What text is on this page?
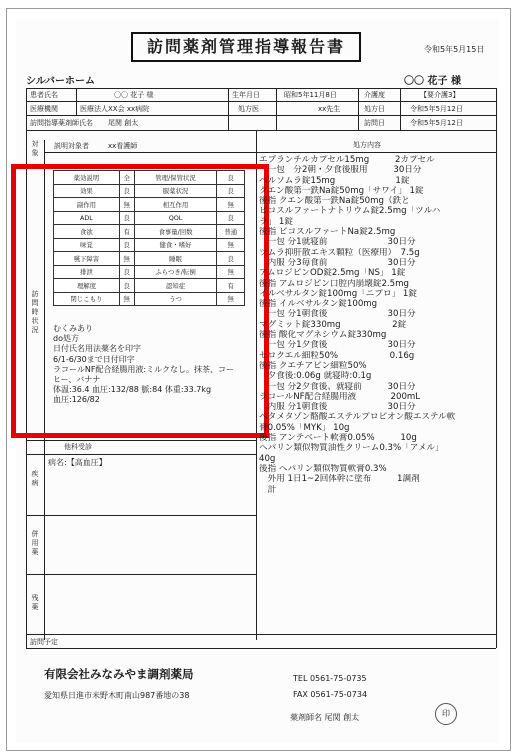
訪問薬剤管理指導報告書	令和5年5月15日
シルバーホーム	〇〇 花子 様
患者氏名	〇〇 花子 様	生年月日	昭和5年11月8日	介護度	【要介護3】
医療機関	医療法人XX会 xx病院	処方医	xx先生	処方日	令和5年5月12日
訪問指導薬剤師氏名 尾関 創太	訪問日	令和5年5月12日
対象
説明対象者	xx看護師	処方内容
訪問時状況
薬効説明	全	管理/保管状況	良
効果	良	服薬状況	良
副作用	無	相互作用	無
ADL	良	QOL	良
食欲	有	食事量/回数	普通
味覚	良	健食・嗜好	無
嚥下障害	無	睡眠	良
排泄	良	ふらつき/転倒	無
理解度	良	認知症	有
閉じこもり	無	うつ	無
むくみあり
do処方
日付氏名用法薬名を印字
6/1-6/30まで日付印字
ラコールNF配合経腸用液:ミルクなし。抹茶、コー
ヒー、バナナ
体温:36.4 血圧:132/88 脈:84 体重:33.7kg
血圧:126/82
他科受診
疾病
病名:【高血圧】
併用薬
残薬
訪問予定
エブランチルカプセル15mg　　　2カプセル
　一包　分2朝・夕食後服用　　　30日分
ベルソムラ錠15mg　　　　　　　1錠
クエン酸第一鉄Na錠50mg「サワイ」 1錠
後指 クエン酸第一鉄Na錠50mg（鉄と
ビコスルファートナトリウム錠2.5mg「ツルハ
ラ」 1錠
後指 ピコスルファートNa錠2.5mg
　一包 分1就寝前　　　　　　　30日分
ツムラ抑肝散エキス顆粒（医療用）　7.5g
　内服 分3毎食前　　　　　　　30日分
アムロジピンOD錠2.5mg「NS」 1錠
後指 アムロジピン口腔内崩壊錠2.5mg
イルベサルタン錠100mg「ニプロ」 1錠
後指 イルベサルタン錠100mg
　一包 分1朝食後　　　　　　　30日分
マグミット錠330mg　　　　　　2錠
後指 酸化マグネシウム錠330mg
　一包 分1夕食後　　　　　　　30日分
セロクエル細粒50%　　　　　　0.16g
後指 クエチアピン細粒50%
　夕食後:0.06g 就寝時:0.1g
　一包 分2夕食後、就寝前　　　30日分
ラコールNF配合経腸用液　　　　200mL
　内服 分1朝食後　　　　　　　30日分
ベタメタゾン酪酸エステルプロピオン酸エステル軟
膏0.05%「MYK」 10g
後指 アンテベート軟膏0.05%　　　10g
ヘパリン類似物質油性クリーム0.3%「アメル」
40g
後指 ヘパリン類似物質軟膏0.3%
　外用 1日1~2回体幹に塗布　　　1調剤
　計
有限会社みなみやま調剤薬局
愛知県日進市米野木町南山987番地の38
TEL 0561-75-0735
FAX 0561-75-0734
薬剤師名 尾関 創太	印
